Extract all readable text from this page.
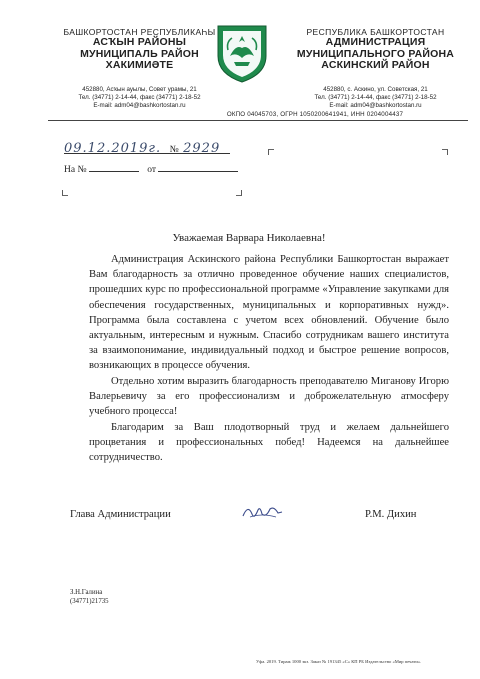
БАШКОРТОСТАН РЕСПУБЛИКАҺЫ
АСҠЫН РАЙОНЫ
МУНИЦИПАЛЬ РАЙОН
ХАКИМИӘТЕ
452880, Асҡын ауылы, Совет урамы, 21
Тел. (34771) 2-14-44, факс (34771) 2-18-52
E-mail: adm04@bashkortostan.ru
РЕСПУБЛИКА БАШКОРТОСТАН
АДМИНИСТРАЦИЯ
МУНИЦИПАЛЬНОГО РАЙОНА
АСКИНСКИЙ РАЙОН
452880, с. Аскино, ул. Советская, 21
Тел. (34771) 2-14-44, факс (34771) 2-18-52
E-mail: adm04@bashkortostan.ru
ОКПО 04045703, ОГРН 1050200641941, ИНН 0204004437
09.12.2019г. № 2929
На №	от
Уважаемая Варвара Николаевна!

Администрация Аскинского района Республики Башкортостан выражает Вам благодарность за отлично проведенное обучение наших специалистов, прошедших курс по профессиональной программе «Управление закупками для обеспечения государственных, муниципальных и корпоративных нужд». Программа была составлена с учетом всех обновлений. Обучение было актуальным, интересным и нужным. Спасибо сотрудникам вашего института за взаимопонимание, индивидуальный подход и быстрое решение вопросов, возникающих в процессе обучения.

Отдельно хотим выразить благодарность преподавателю Миганову Игорю Валерьевичу за его профессионализм и доброжелательную атмосферу учебного процесса!

Благодарим за Ваш плодотворный труд и желаем дальнейшего процветания и профессиональных побед! Надеемся на дальнейшее сотрудничество.

Глава Администрации	Р.М. Дихин
З.Н.Галина
(34771)21735
Уфа. 2019. Тираж 1000 экз. Заказ № 191345 «С» КП РБ Издательство «Мир печати».
